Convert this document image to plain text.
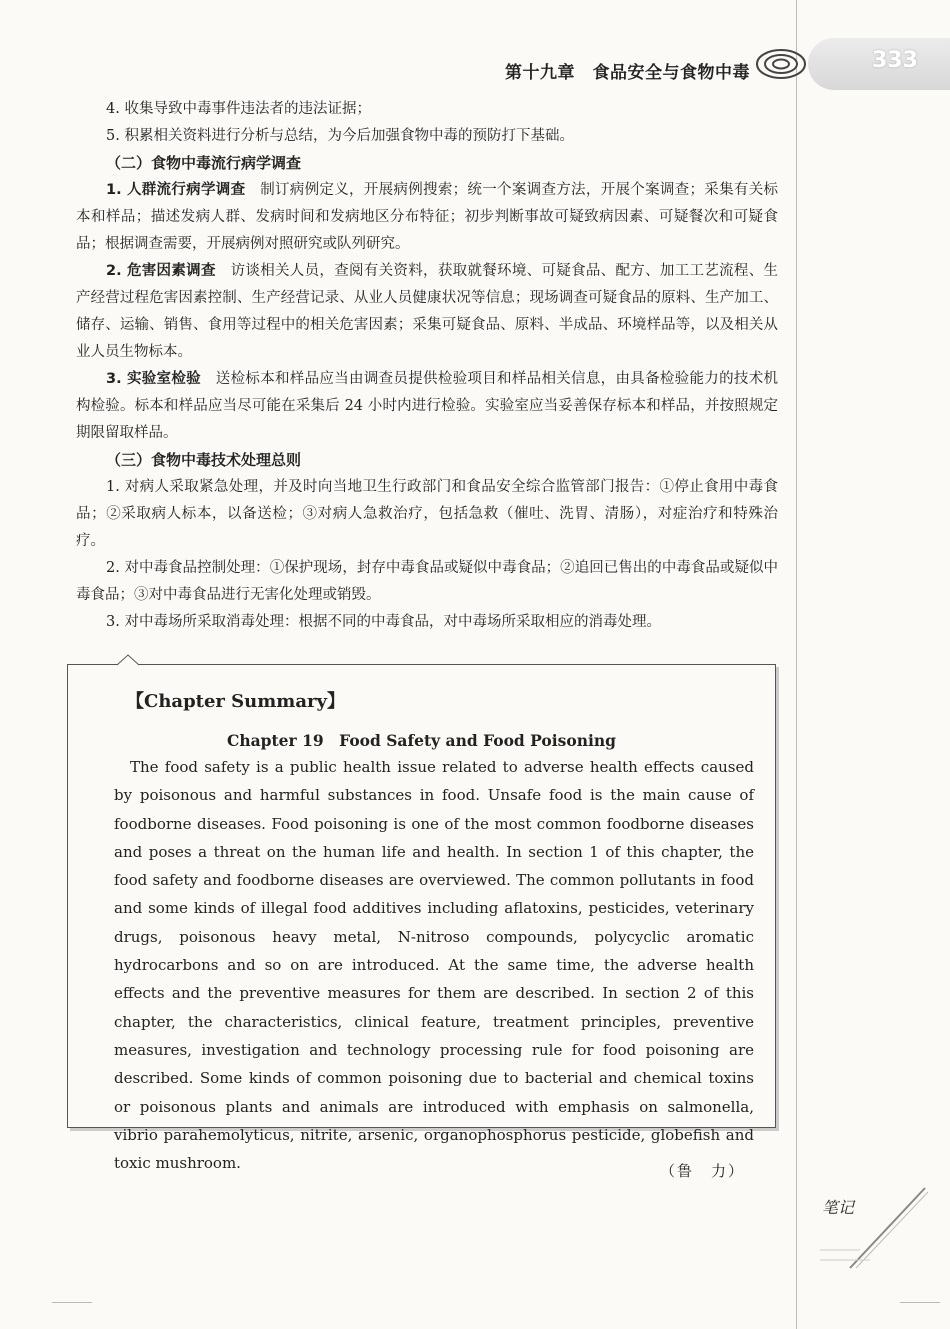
第十九章　食品安全与食物中毒	333

4. 收集导致中毒事件违法者的违法证据；

5. 积累相关资料进行分析与总结，为今后加强食物中毒的预防打下基础。

（二）食物中毒流行病学调查

1. 人群流行病学调查　 制订病例定义，开展病例搜索；统一个案调查方法，开展个案调查；采集有关标本和样品；描述发病人群、发病时间和发病地区分布特征；初步判断事故可疑致病因素、可疑餐次和可疑食品；根据调查需要，开展病例对照研究或队列研究。

2. 危害因素调查　 访谈相关人员，查阅有关资料，获取就餐环境、可疑食品、配方、加工工艺流程、生产经营过程危害因素控制、生产经营记录、从业人员健康状况等信息；现场调查可疑食品的原料、生产加工、储存、运输、销售、食用等过程中的相关危害因素；采集可疑食品、原料、半成品、环境样品等，以及相关从业人员生物标本。

3. 实验室检验　 送检标本和样品应当由调查员提供检验项目和样品相关信息，由具备检验能力的技术机构检验。标本和样品应当尽可能在采集后 24 小时内进行检验。实验室应当妥善保存标本和样品，并按照规定期限留取样品。

（三）食物中毒技术处理总则

1. 对病人采取紧急处理，并及时向当地卫生行政部门和食品安全综合监管部门报告：①停止食用中毒食品；②采取病人标本，以备送检；③对病人急救治疗，包括急救（催吐、洗胃、清肠），对症治疗和特殊治疗。

2. 对中毒食品控制处理：①保护现场，封存中毒食品或疑似中毒食品；②追回已售出的中毒食品或疑似中毒食品；③对中毒食品进行无害化处理或销毁。

3. 对中毒场所采取消毒处理：根据不同的中毒食品，对中毒场所采取相应的消毒处理。

【Chapter Summary】
Chapter 19　Food Safety and Food Poisoning
The food safety is a public health issue related to adverse health effects caused by poisonous and harmful substances in food. Unsafe food is the main cause of foodborne diseases. Food poisoning is one of the most common foodborne diseases and poses a threat on the human life and health. In section 1 of this chapter, the food safety and foodborne diseases are overviewed. The common pollutants in food and some kinds of illegal food additives including aflatoxins, pesticides, veterinary drugs, poisonous heavy metal, N-nitroso compounds, polycyclic aromatic hydrocarbons and so on are introduced. At the same time, the adverse health effects and the preventive measures for them are described. In section 2 of this chapter, the characteristics, clinical feature, treatment principles, preventive measures, investigation and technology processing rule for food poisoning are described. Some kinds of common poisoning due to bacterial and chemical toxins or poisonous plants and animals are introduced with emphasis on salmonella, vibrio parahemolyticus, nitrite, arsenic, organophosphorus pesticide, globefish and toxic mushroom.	（鲁　力）
笔记
